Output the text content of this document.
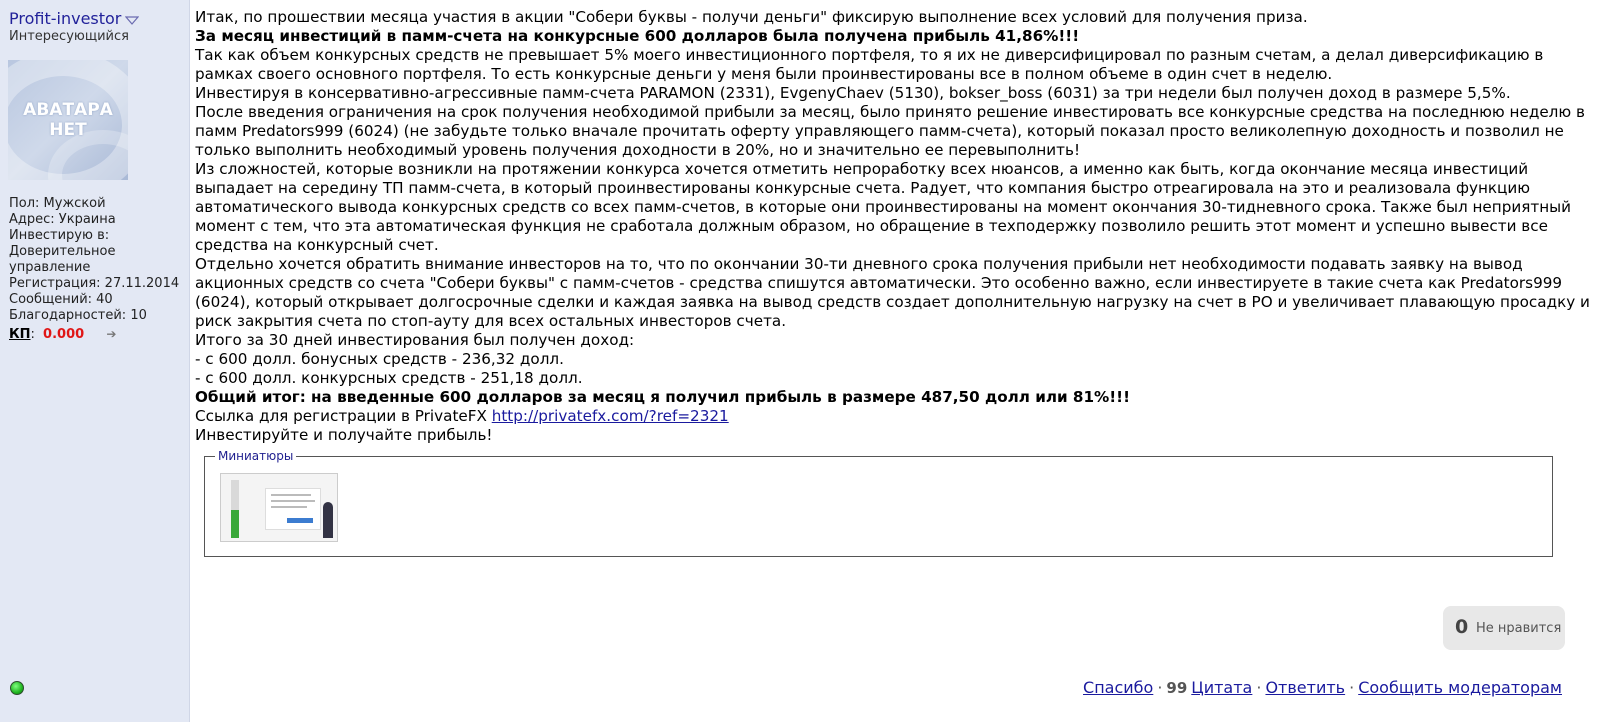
Profit-investor
Интересующийся
АВАТАРА НЕТ
Пол: Мужской
Адрес: Украина
Инвестирую в: Доверительное управление
Регистрация: 27.11.2014
Сообщений: 40
Благодарностей: 10
КП: 0.000 ➔

Итак, по прошествии месяца участия в акции "Собери буквы - получи деньги" фиксирую выполнение всех условий для получения приза.

За месяц инвестиций в памм-счета на конкурсные 600 долларов была получена прибыль 41,86%!!!

Так как объем конкурсных средств не превышает 5% моего инвестиционного портфеля, то я их не диверсифицировал по разным счетам, а делал диверсификацию в рамках своего основного портфеля. То есть конкурсные деньги у меня были проинвестированы все в полном объеме в один счет в неделю.

Инвестируя в консервативно-агрессивные памм-счета PARAMON (2331), EvgenyChaev (5130), bokser_boss (6031) за три недели был получен доход в размере 5,5%.

После введения ограничения на срок получения необходимой прибыли за месяц, было принято решение инвестировать все конкурсные средства на последнюю неделю в памм Predators999 (6024) (не забудьте только вначале прочитать оферту управляющего памм-счета), который показал просто великолепную доходность и позволил не только выполнить необходимый уровень получения доходности в 20%, но и значительно ее перевыполнить!

Из сложностей, которые возникли на протяжении конкурса хочется отметить непроработку всех нюансов, а именно как быть, когда окончание месяца инвестиций выпадает на середину ТП памм-счета, в который проинвестированы конкурсные счета. Радует, что компания быстро отреагировала на это и реализовала функцию автоматического вывода конкурсных средств со всех памм-счетов, в которые они проинвестированы на момент окончания 30-тидневного срока. Также был неприятный момент с тем, что эта автоматическая функция не сработала должным образом, но обращение в техподержку позволило решить этот момент и успешно вывести все средства на конкурсный счет.

Отдельно хочется обратить внимание инвесторов на то, что по окончании 30-ти дневного срока получения прибыли нет необходимости подавать заявку на вывод акционных средств со счета "Собери буквы" с памм-счетов - средства спишутся автоматически. Это особенно важно, если инвестируете в такие счета как Predators999 (6024), который открывает долгосрочные сделки и каждая заявка на вывод средств создает дополнительную нагрузку на счет в РО и увеличивает плавающую просадку и риск закрытия счета по стоп-ауту для всех остальных инвесторов счета.

Итого за 30 дней инвестирования был получен доход:

- с 600 долл. бонусных средств - 236,32 долл.

- с 600 долл. конкурсных средств - 251,18 долл.

Общий итог: на введенные 600 долларов за месяц я получил прибыль в размере 487,50 долл или 81%!!!

Ссылка для регистрации в PrivateFX http://privatefx.com/?ref=2321

Инвестируйте и получайте прибыль!

Миниатюры
0 Не нравится
Спасибо · 99 Цитата · Ответить · Сообщить модераторам
